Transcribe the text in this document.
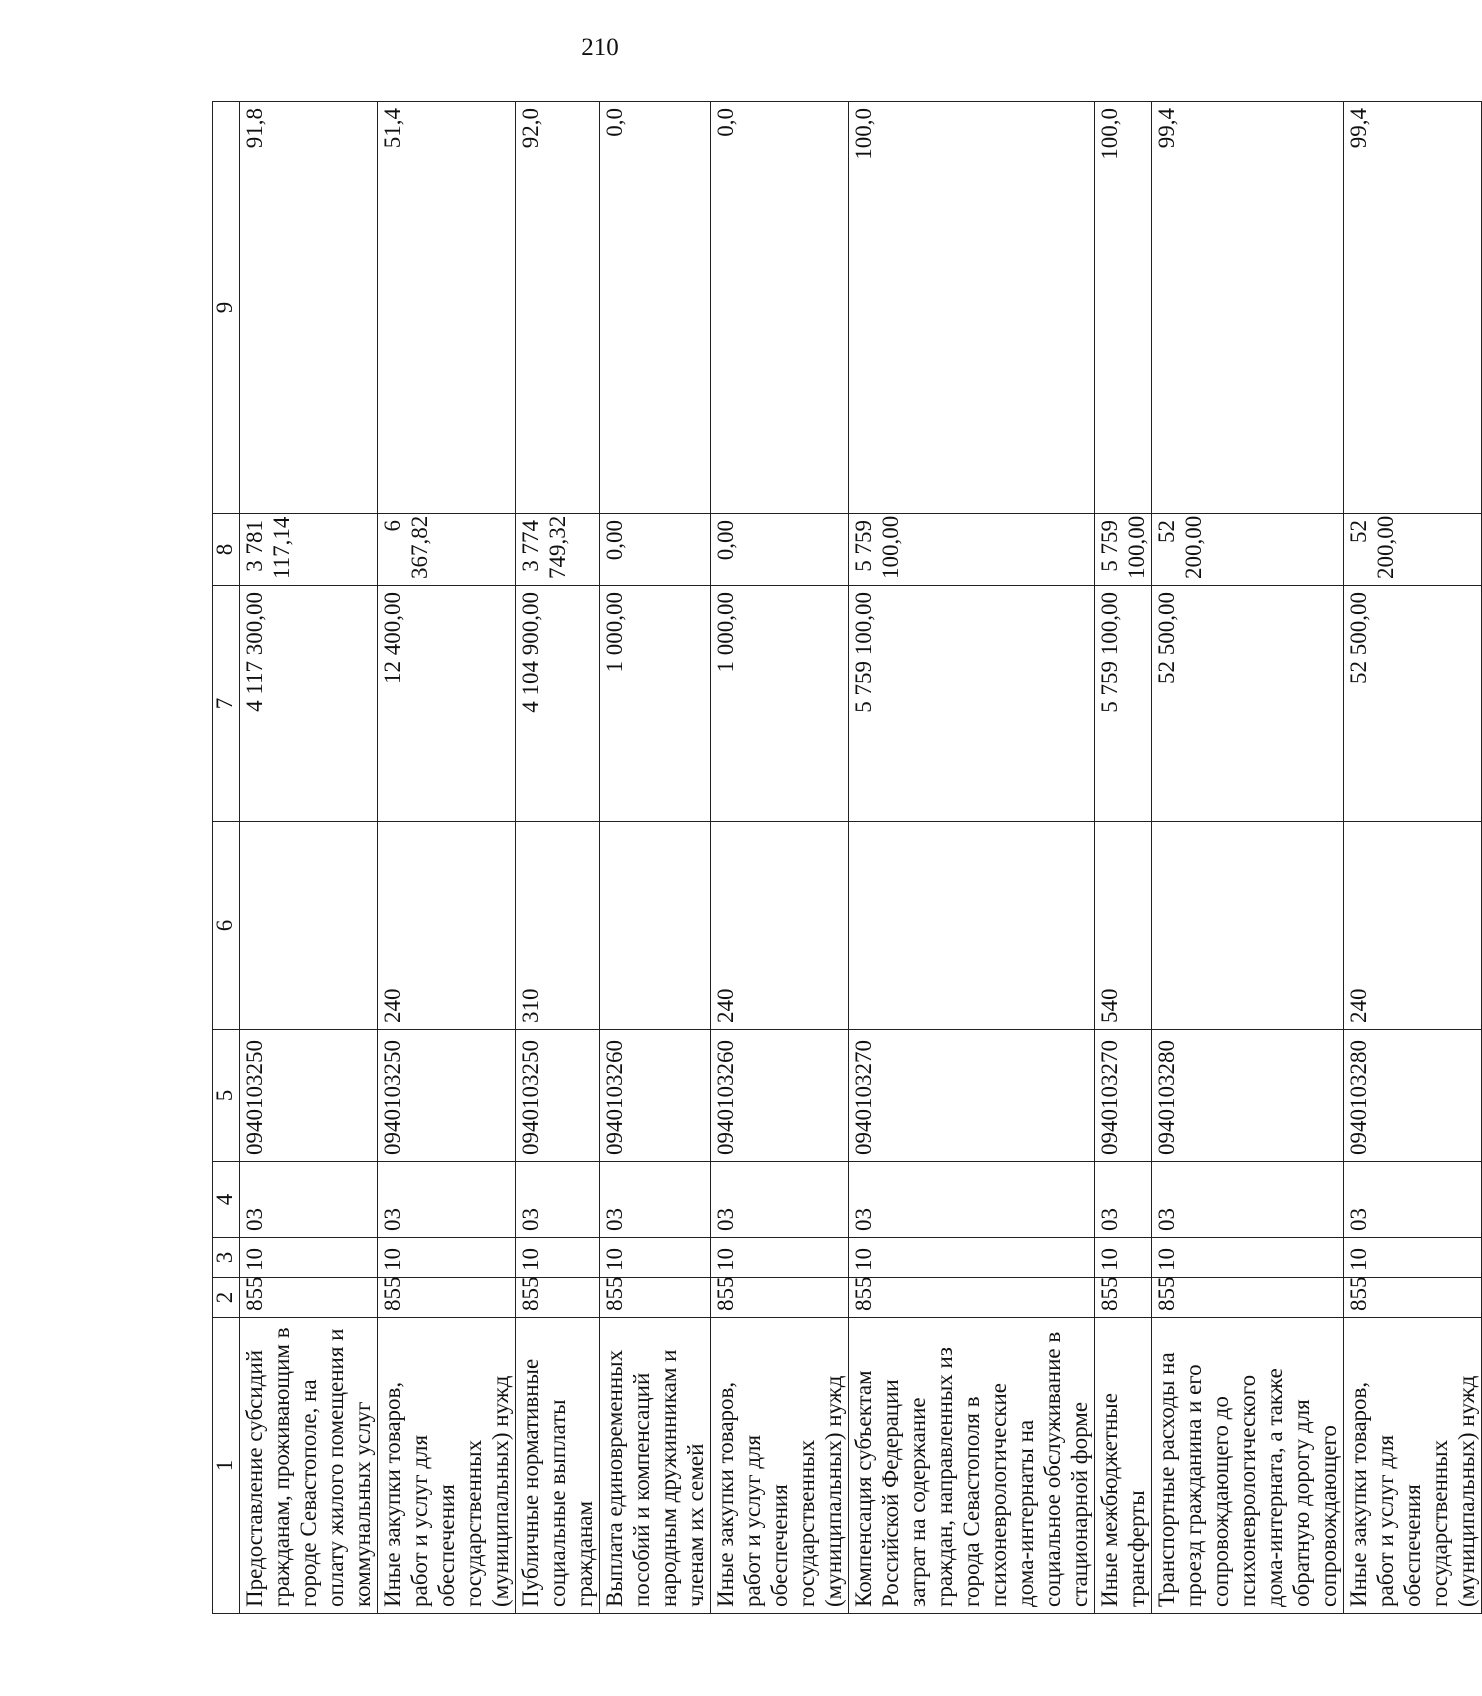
210
1	2	3	4	5	6	7	8	9
Предоставление субсидий гражданам, проживающим в городе Севастополе, на оплату жилого помещения и коммунальных услуг	855	10	03	0940103250		4 117 300,00	3 781 117,14	91,8
Иные закупки товаров, работ и услуг для обеспечения государственных (муниципальных) нужд	855	10	03	0940103250	240	12 400,00	6 367,82	51,4
Публичные нормативные социальные выплаты гражданам	855	10	03	0940103250	310	4 104 900,00	3 774 749,32	92,0
Выплата единовременных пособий и компенсаций народным дружинникам и членам их семей	855	10	03	0940103260		1 000,00	0,00	0,0
Иные закупки товаров, работ и услуг для обеспечения государственных (муниципальных) нужд	855	10	03	0940103260	240	1 000,00	0,00	0,0
Компенсация субъектам Российской Федерации затрат на содержание граждан, направленных из города Севастополя в психоневрологические дома-интернаты на социальное обслуживание в стационарной форме	855	10	03	0940103270		5 759 100,00	5 759 100,00	100,0
Иные межбюджетные трансферты	855	10	03	0940103270	540	5 759 100,00	5 759 100,00	100,0
Транспортные расходы на проезд гражданина и его сопровождающего до психоневрологического дома-интерната, а также обратную дорогу для сопровождающего	855	10	03	0940103280		52 500,00	52 200,00	99,4
Иные закупки товаров, работ и услуг для обеспечения государственных (муниципальных) нужд	855	10	03	0940103280	240	52 500,00	52 200,00	99,4
